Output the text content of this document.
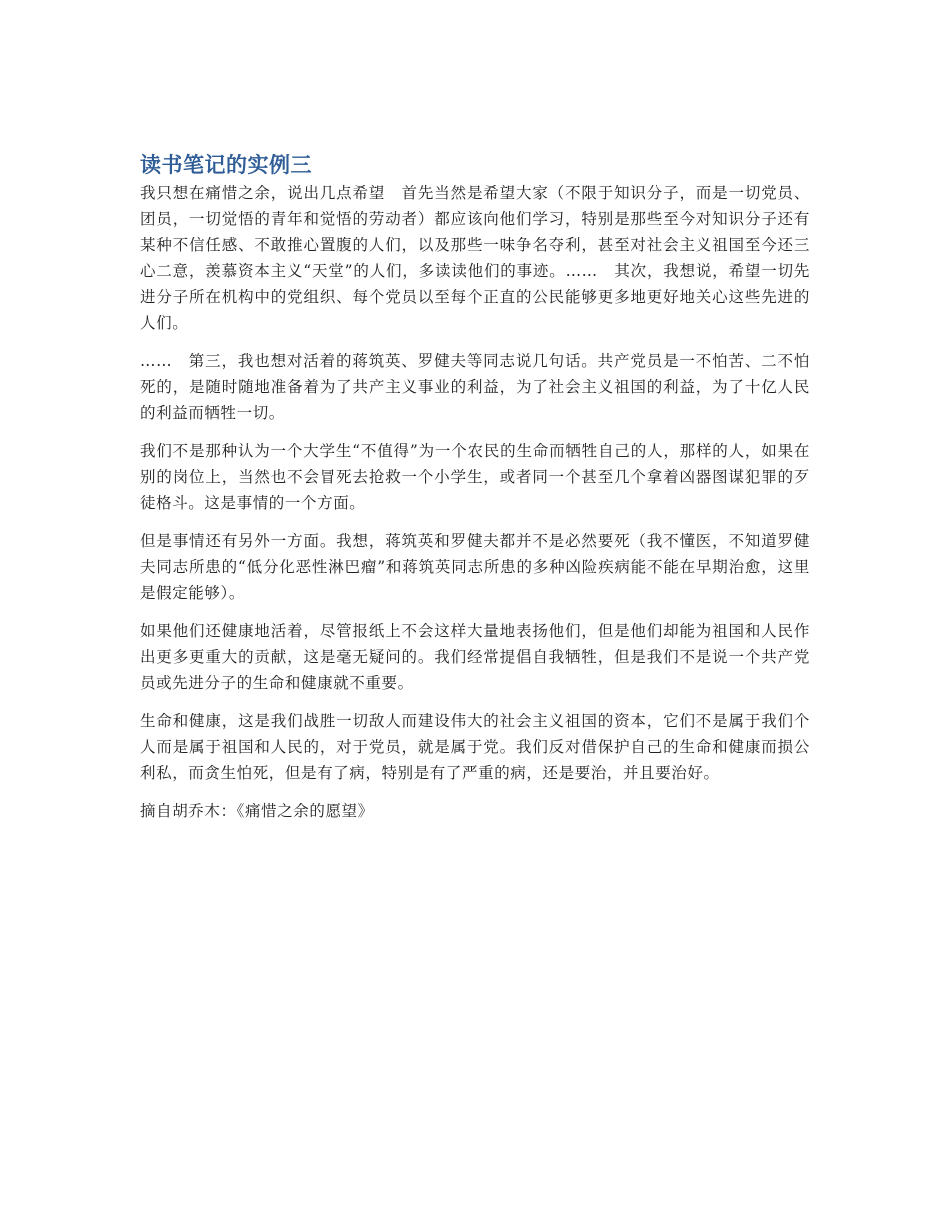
读书笔记的实例三

我只想在痛惜之余，说出几点希望　首先当然是希望大家（不限于知识分子，而是一切党员、团员，一切觉悟的青年和觉悟的劳动者）都应该向他们学习，特别是那些至今对知识分子还有某种不信任感、不敢推心置腹的人们，以及那些一味争名夺利，甚至对社会主义祖国至今还三心二意，羡慕资本主义“天堂”的人们，多读读他们的事迹。……　其次，我想说，希望一切先进分子所在机构中的党组织、每个党员以至每个正直的公民能够更多地更好地关心这些先进的人们。

……　第三，我也想对活着的蒋筑英、罗健夫等同志说几句话。共产党员是一不怕苦、二不怕死的，是随时随地准备着为了共产主义事业的利益，为了社会主义祖国的利益，为了十亿人民的利益而牺牲一切。

我们不是那种认为一个大学生“不值得”为一个农民的生命而牺牲自己的人，那样的人，如果在别的岗位上，当然也不会冒死去抢救一个小学生，或者同一个甚至几个拿着凶器图谋犯罪的歹徒格斗。这是事情的一个方面。

但是事情还有另外一方面。我想，蒋筑英和罗健夫都并不是必然要死（我不懂医，不知道罗健夫同志所患的“低分化恶性淋巴瘤”和蒋筑英同志所患的多种凶险疾病能不能在早期治愈，这里是假定能够）。

如果他们还健康地活着，尽管报纸上不会这样大量地表扬他们，但是他们却能为祖国和人民作出更多更重大的贡献，这是毫无疑问的。我们经常提倡自我牺牲，但是我们不是说一个共产党员或先进分子的生命和健康就不重要。

生命和健康，这是我们战胜一切敌人而建设伟大的社会主义祖国的资本，它们不是属于我们个人而是属于祖国和人民的，对于党员，就是属于党。我们反对借保护自己的生命和健康而损公利私，而贪生怕死，但是有了病，特别是有了严重的病，还是要治，并且要治好。

摘自胡乔木：《痛惜之余的愿望》
